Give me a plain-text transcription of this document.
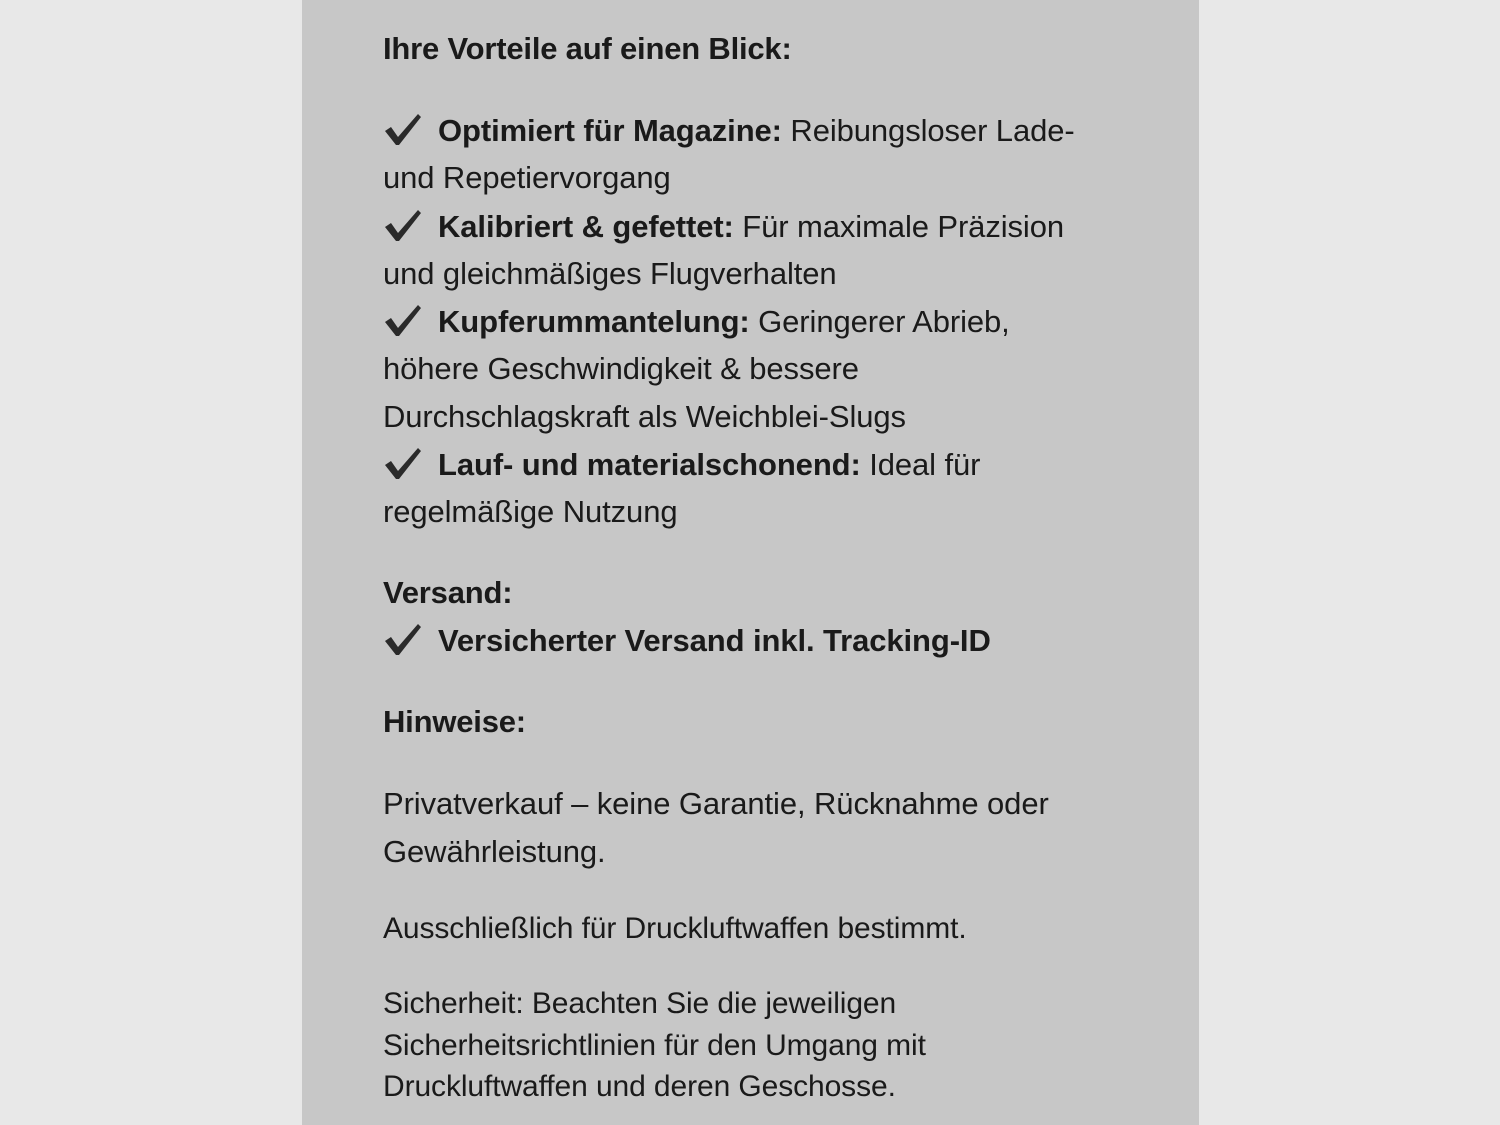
Ihre Vorteile auf einen Blick:
Optimiert für Magazine: Reibungsloser Lade-
und Repetiervorgang
Kalibriert & gefettet: Für maximale Präzision
und gleichmäßiges Flugverhalten
Kupferummantelung: Geringerer Abrieb,
höhere Geschwindigkeit & bessere
Durchschlagskraft als Weichblei-Slugs
Lauf- und materialschonend: Ideal für
regelmäßige Nutzung
Versand:
Versicherter Versand inkl. Tracking-ID
Hinweise:
Privatverkauf – keine Garantie, Rücknahme oder
Gewährleistung.
Ausschließlich für Druckluftwaffen bestimmt.
Sicherheit: Beachten Sie die jeweiligen
Sicherheitsrichtlinien für den Umgang mit
Druckluftwaffen und deren Geschosse.
